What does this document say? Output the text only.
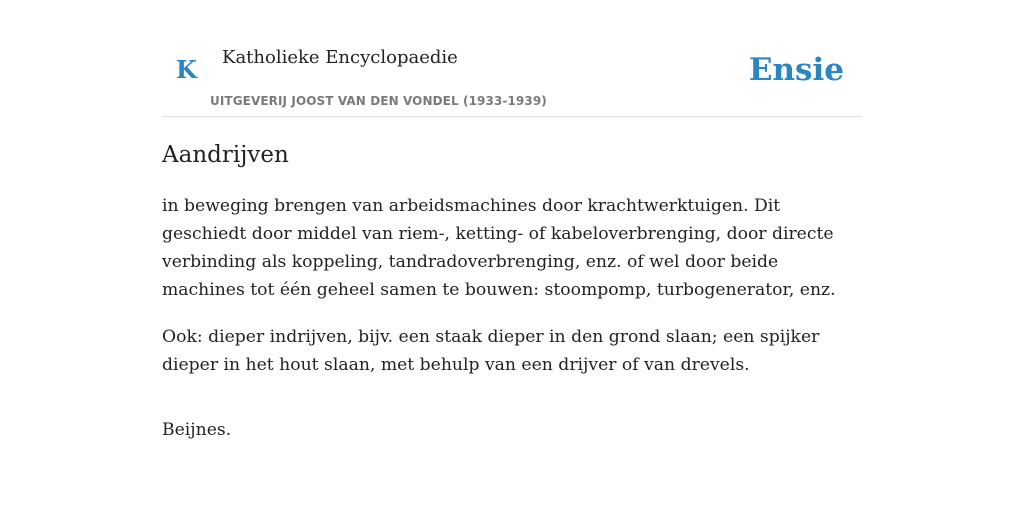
K Katholieke Encyclopaedie
UITGEVERIJ JOOST VAN DEN VONDEL (1933-1939)
Ensie
Aandrijven

in beweging brengen van arbeidsmachines door krachtwerktuigen. Dit geschiedt door middel van riem-, ketting- of kabeloverbrenging, door directe verbinding als koppeling, tandradoverbrenging, enz. of wel door beide machines tot één geheel samen te bouwen: stoompomp, turbogenerator, enz.

Ook: dieper indrijven, bijv. een staak dieper in den grond slaan; een spijker dieper in het hout slaan, met behulp van een drijver of van drevels.

Beijnes.
